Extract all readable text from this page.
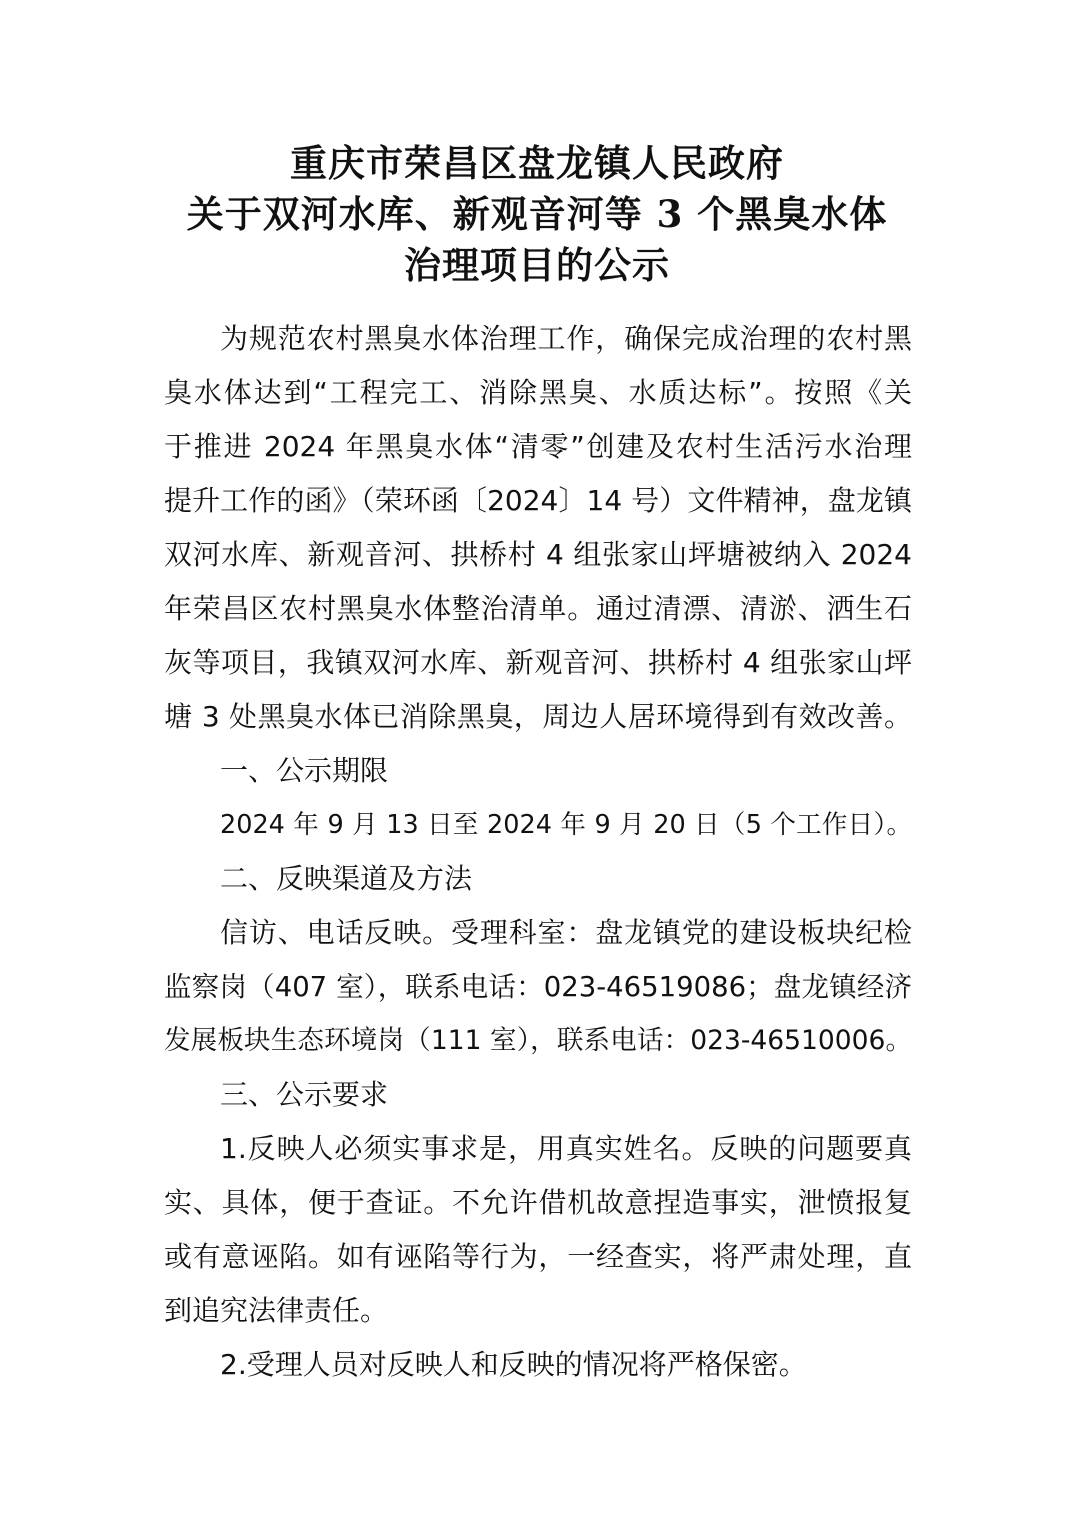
重庆市荣昌区盘龙镇人民政府
关于双河水库、新观音河等 3 个黑臭水体
治理项目的公示
为规范农村黑臭水体治理工作，确保完成治理的农村黑
臭水体达到“工程完工、消除黑臭、水质达标”。按照《关
于推进 2024 年黑臭水体“清零”创建及农村生活污水治理
提升工作的函》（荣环函〔2024〕14 号）文件精神，盘龙镇
双河水库、新观音河、拱桥村 4 组张家山坪塘被纳入 2024
年荣昌区农村黑臭水体整治清单。通过清漂、清淤、洒生石
灰等项目，我镇双河水库、新观音河、拱桥村 4 组张家山坪
塘 3 处黑臭水体已消除黑臭，周边人居环境得到有效改善。
一、公示期限
2024 年 9 月 13 日至 2024 年 9 月 20 日（5 个工作日）。
二、反映渠道及方法
信访、电话反映。受理科室：盘龙镇党的建设板块纪检
监察岗（407 室），联系电话：023-46519086；盘龙镇经济
发展板块生态环境岗（111 室），联系电话：023-46510006。
三、公示要求
1.反映人必须实事求是，用真实姓名。反映的问题要真
实、具体，便于查证。不允许借机故意捏造事实，泄愤报复
或有意诬陷。如有诬陷等行为，一经查实，将严肃处理，直
到追究法律责任。
2.受理人员对反映人和反映的情况将严格保密。
